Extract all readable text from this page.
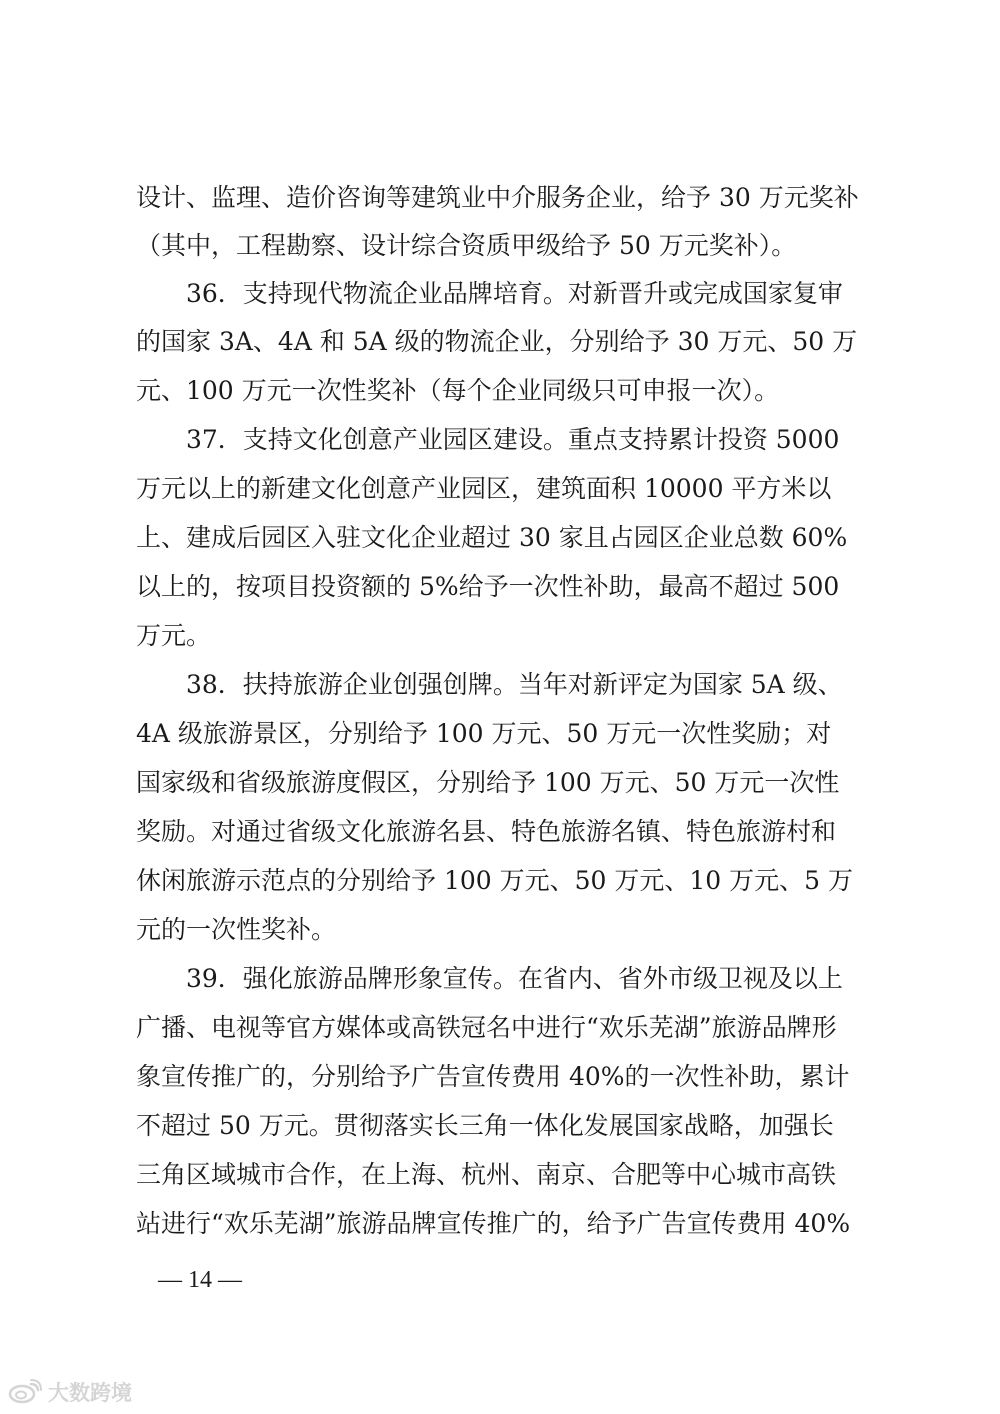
设计、监理、造价咨询等建筑业中介服务企业，给予 30 万元奖补
（其中，工程勘察、设计综合资质甲级给予 50 万元奖补）。
36．支持现代物流企业品牌培育。对新晋升或完成国家复审
的国家 3A、4A 和 5A 级的物流企业，分别给予 30 万元、50 万
元、100 万元一次性奖补（每个企业同级只可申报一次）。
37．支持文化创意产业园区建设。重点支持累计投资 5000
万元以上的新建文化创意产业园区，建筑面积 10000 平方米以
上、建成后园区入驻文化企业超过 30 家且占园区企业总数 60%
以上的，按项目投资额的 5%给予一次性补助，最高不超过 500
万元。
38．扶持旅游企业创强创牌。当年对新评定为国家 5A 级、
4A 级旅游景区，分别给予 100 万元、50 万元一次性奖励；对
国家级和省级旅游度假区，分别给予 100 万元、50 万元一次性
奖励。对通过省级文化旅游名县、特色旅游名镇、特色旅游村和
休闲旅游示范点的分别给予 100 万元、50 万元、10 万元、5 万
元的一次性奖补。
39．强化旅游品牌形象宣传。在省内、省外市级卫视及以上
广播、电视等官方媒体或高铁冠名中进行“欢乐芜湖”旅游品牌形
象宣传推广的，分别给予广告宣传费用 40%的一次性补助，累计
不超过 50 万元。贯彻落实长三角一体化发展国家战略，加强长
三角区域城市合作，在上海、杭州、南京、合肥等中心城市高铁
站进行“欢乐芜湖”旅游品牌宣传推广的，给予广告宣传费用 40%
— 14 —
大数跨境
